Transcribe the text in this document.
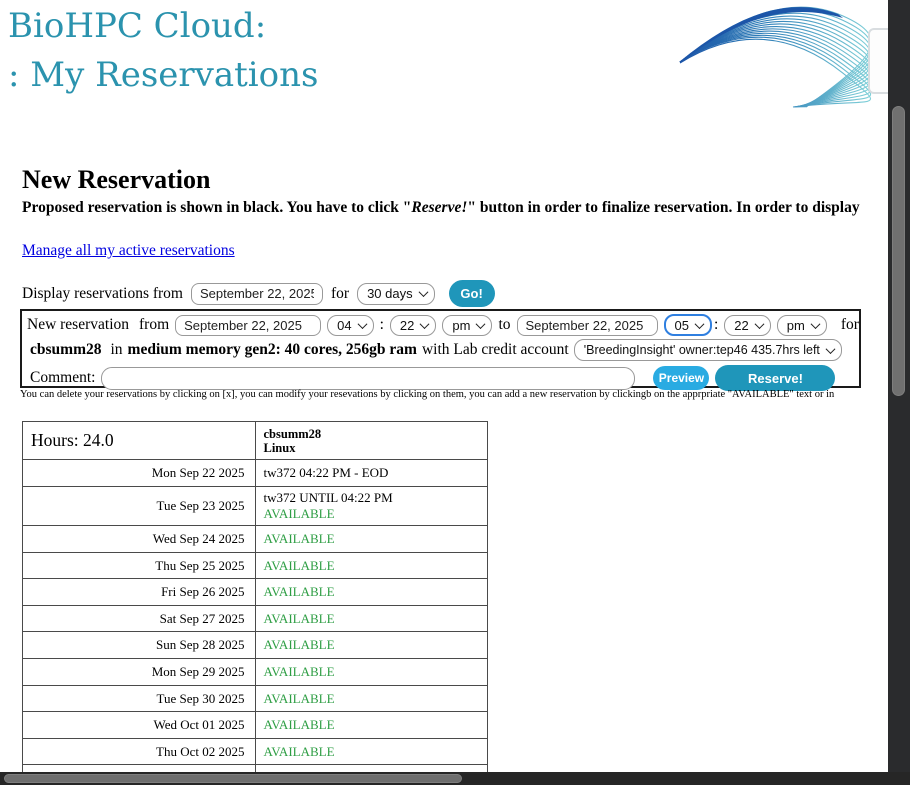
BioHPC Cloud:
: My Reservations
New Reservation
Proposed reservation is shown in black. You have to click "Reserve!" button in order to finalize reservation. In order to display
Manage all my active reservations
Display reservations from
September 22, 2025	for 30 days	Go!
New reservation from
September 22, 2025	04 : 22	pm to
September 22, 2025	05 : 22	pm for
cbsumm28 in medium memory gen2: 40 cores, 256gb ram with Lab credit account 'BreedingInsight' owner:tep46 435.7hrs left
Comment:	Preview	Reserve!
You can delete your reservations by clicking on [x], you can modify your resevations by clicking on them, you can add a new reservation by clickingb on the apprpriate "AVAILABLE" text or in
Hours: 24.0	cbsumm28
Linux

Mon Sep 22 2025	tw372 04:22 PM - EOD
Tue Sep 23 2025	tw372 UNTIL 04:22 PM
AVAILABLE

Wed Sep 24 2025	AVAILABLE
Thu Sep 25 2025	AVAILABLE
Fri Sep 26 2025	AVAILABLE
Sat Sep 27 2025	AVAILABLE
Sun Sep 28 2025	AVAILABLE
Mon Sep 29 2025	AVAILABLE
Tue Sep 30 2025	AVAILABLE
Wed Oct 01 2025	AVAILABLE
Thu Oct 02 2025	AVAILABLE
